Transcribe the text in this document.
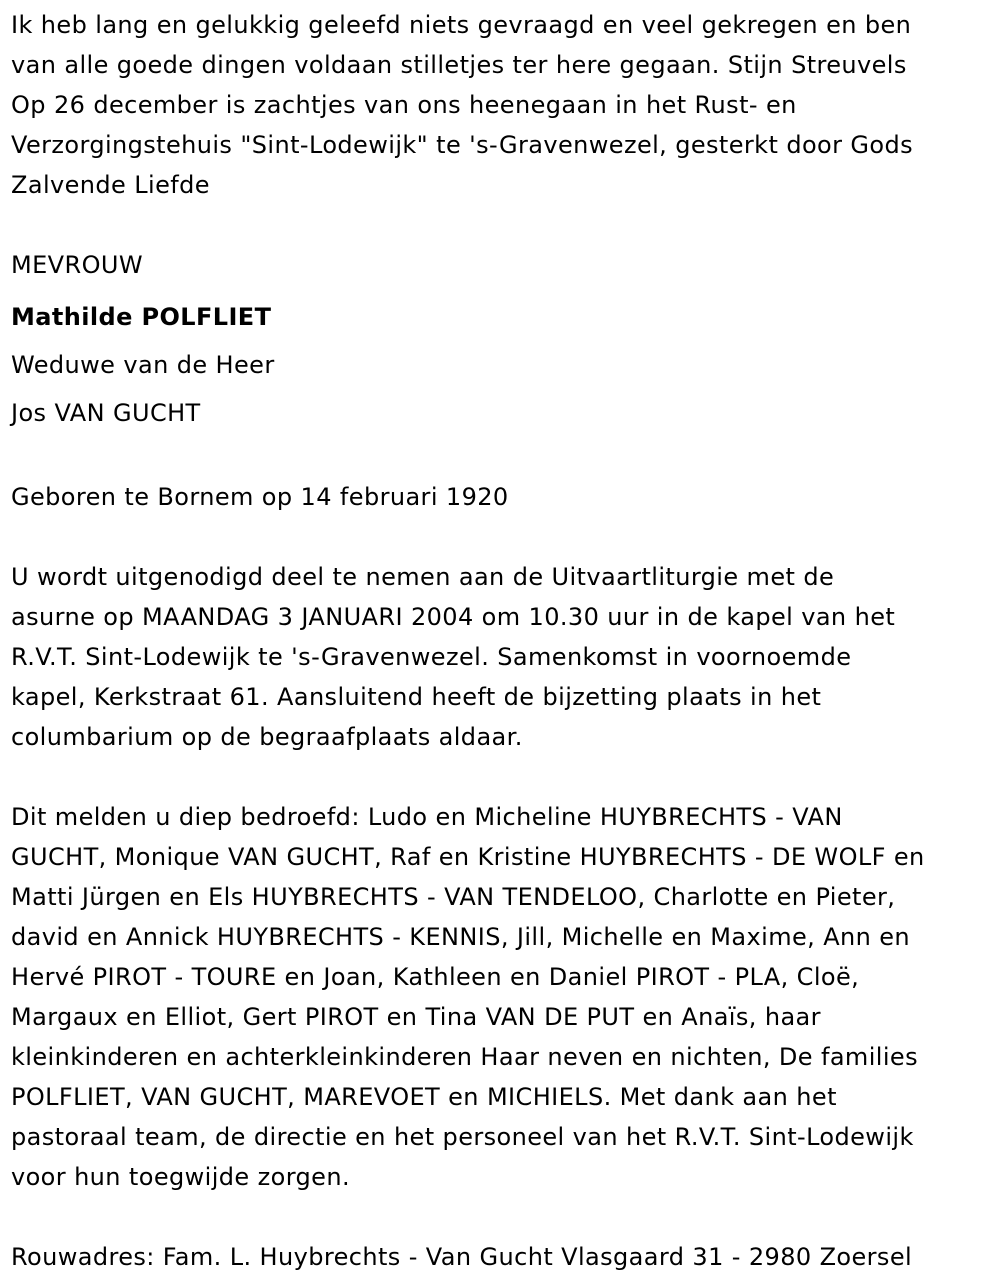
Ik heb lang en gelukkig geleefd niets gevraagd en veel gekregen en ben
van alle goede dingen voldaan stilletjes ter here gegaan. Stijn Streuvels
Op 26 december is zachtjes van ons heenegaan in het Rust- en
Verzorgingstehuis "Sint-Lodewijk" te 's-Gravenwezel, gesterkt door Gods
Zalvende Liefde

MEVROUW

Mathilde POLFLIET

Weduwe van de Heer

Jos VAN GUCHT

Geboren te Bornem op 14 februari 1920

U wordt uitgenodigd deel te nemen aan de Uitvaartliturgie met de
asurne op MAANDAG 3 JANUARI 2004 om 10.30 uur in de kapel van het
R.V.T. Sint-Lodewijk te 's-Gravenwezel. Samenkomst in voornoemde
kapel, Kerkstraat 61. Aansluitend heeft de bijzetting plaats in het
columbarium op de begraafplaats aldaar.

Dit melden u diep bedroefd: Ludo en Micheline HUYBRECHTS - VAN
GUCHT, Monique VAN GUCHT, Raf en Kristine HUYBRECHTS - DE WOLF en
Matti Jürgen en Els HUYBRECHTS - VAN TENDELOO, Charlotte en Pieter,
david en Annick HUYBRECHTS - KENNIS, Jill, Michelle en Maxime, Ann en
Hervé PIROT - TOURE en Joan, Kathleen en Daniel PIROT - PLA, Cloë,
Margaux en Elliot, Gert PIROT en Tina VAN DE PUT en Anaïs, haar
kleinkinderen en achterkleinkinderen Haar neven en nichten, De families
POLFLIET, VAN GUCHT, MAREVOET en MICHIELS. Met dank aan het
pastoraal team, de directie en het personeel van het R.V.T. Sint-Lodewijk
voor hun toegwijde zorgen.

Rouwadres: Fam. L. Huybrechts - Van Gucht Vlasgaard 31 - 2980 Zoersel
